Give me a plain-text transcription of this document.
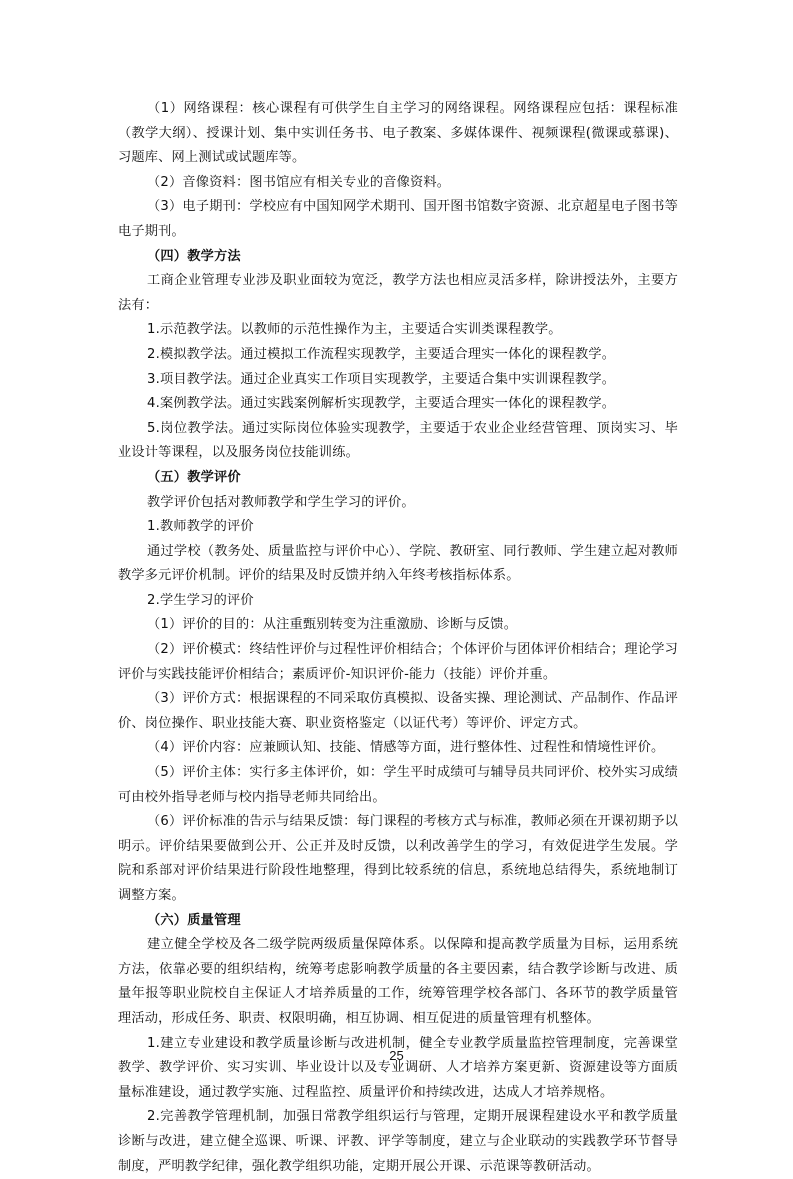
（1）网络课程：核心课程有可供学生自主学习的网络课程。网络课程应包括：课程标准（教学大纲）、授课计划、集中实训任务书、电子教案、多媒体课件、视频课程(微课或慕课)、习题库、网上测试或试题库等。

（2）音像资料：图书馆应有相关专业的音像资料。

（3）电子期刊：学校应有中国知网学术期刊、国开图书馆数字资源、北京超星电子图书等电子期刊。

（四）教学方法

工商企业管理专业涉及职业面较为宽泛，教学方法也相应灵活多样，除讲授法外，主要方法有：

1.示范教学法。以教师的示范性操作为主，主要适合实训类课程教学。

2.模拟教学法。通过模拟工作流程实现教学，主要适合理实一体化的课程教学。

3.项目教学法。通过企业真实工作项目实现教学，主要适合集中实训课程教学。

4.案例教学法。通过实践案例解析实现教学，主要适合理实一体化的课程教学。

5.岗位教学法。通过实际岗位体验实现教学，主要适于农业企业经营管理、顶岗实习、毕业设计等课程，以及服务岗位技能训练。

（五）教学评价

教学评价包括对教师教学和学生学习的评价。

1.教师教学的评价

通过学校（教务处、质量监控与评价中心）、学院、教研室、同行教师、学生建立起对教师教学多元评价机制。评价的结果及时反馈并纳入年终考核指标体系。

2.学生学习的评价

（1）评价的目的：从注重甄别转变为注重激励、诊断与反馈。

（2）评价模式：终结性评价与过程性评价相结合；个体评价与团体评价相结合；理论学习评价与实践技能评价相结合；素质评价-知识评价-能力（技能）评价并重。

（3）评价方式：根据课程的不同采取仿真模拟、设备实操、理论测试、产品制作、作品评价、岗位操作、职业技能大赛、职业资格鉴定（以证代考）等评价、评定方式。

（4）评价内容：应兼顾认知、技能、情感等方面，进行整体性、过程性和情境性评价。

（5）评价主体：实行多主体评价，如：学生平时成绩可与辅导员共同评价、校外实习成绩可由校外指导老师与校内指导老师共同给出。

（6）评价标准的告示与结果反馈：每门课程的考核方式与标准，教师必须在开课初期予以明示。评价结果要做到公开、公正并及时反馈，以利改善学生的学习，有效促进学生发展。学院和系部对评价结果进行阶段性地整理，得到比较系统的信息，系统地总结得失，系统地制订调整方案。

（六）质量管理

建立健全学校及各二级学院两级质量保障体系。以保障和提高教学质量为目标，运用系统方法，依靠必要的组织结构，统筹考虑影响教学质量的各主要因素，结合教学诊断与改进、质量年报等职业院校自主保证人才培养质量的工作，统筹管理学校各部门、各环节的教学质量管理活动，形成任务、职责、权限明确，相互协调、相互促进的质量管理有机整体。

1.建立专业建设和教学质量诊断与改进机制，健全专业教学质量监控管理制度，完善课堂教学、教学评价、实习实训、毕业设计以及专业调研、人才培养方案更新、资源建设等方面质量标准建设，通过教学实施、过程监控、质量评价和持续改进，达成人才培养规格。

2.完善教学管理机制，加强日常教学组织运行与管理，定期开展课程建设水平和教学质量诊断与改进，建立健全巡课、听课、评教、评学等制度，建立与企业联动的实践教学环节督导制度，严明教学纪律，强化教学组织功能，定期开展公开课、示范课等教研活动。

25
